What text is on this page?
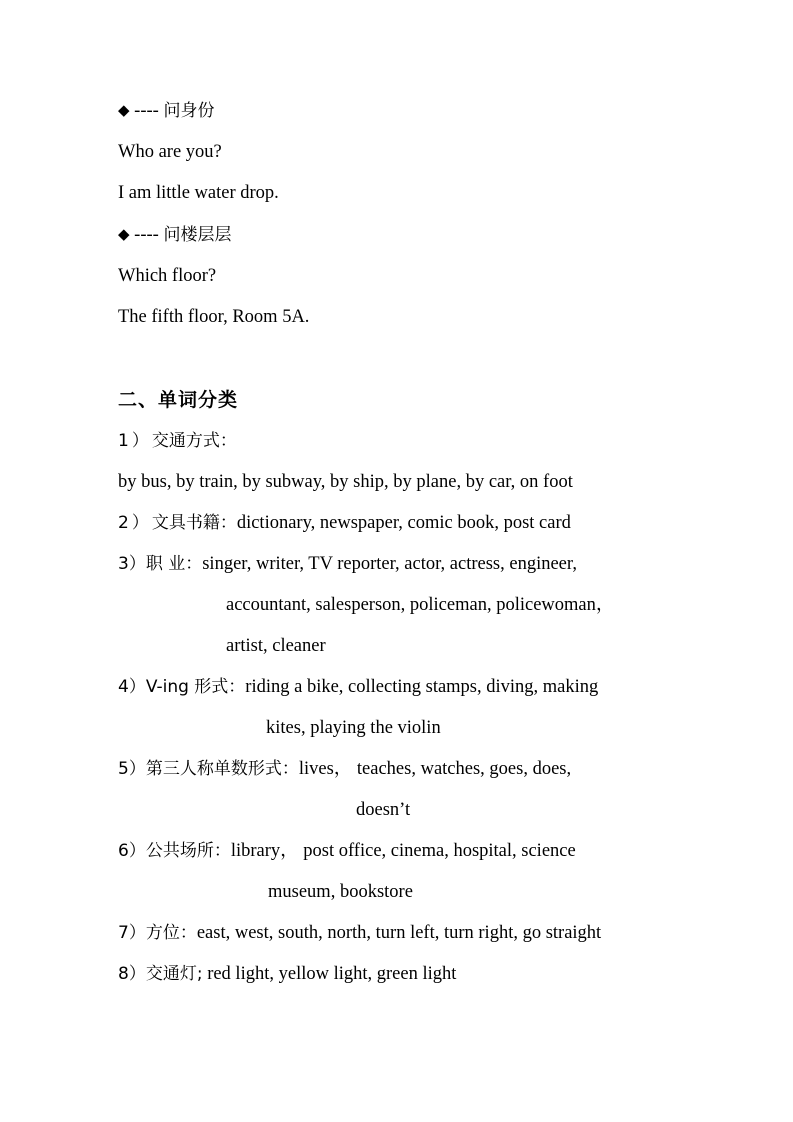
◆ ---- 问身份
Who are you?
I am little water drop.
◆ ---- 问楼层层
Which floor?
The fifth floor, Room 5A.
二、单词分类
1）交通方式：
by bus, by train, by subway, by ship, by plane, by car, on foot
2）文具书籍：dictionary, newspaper, comic book, post card
3）职 业：singer, writer, TV reporter, actor, actress, engineer,
accountant, salesperson, policeman, policewoman，
artist, cleaner
4）V-ing 形式：riding a bike, collecting stamps, diving, making
kites, playing the violin
5）第三人称单数形式：lives， teaches, watches, goes, does,
doesn’t
6）公共场所：library， post office, cinema, hospital, science
museum, bookstore
7）方位：east, west, south, north, turn left, turn right, go straight
8）交通灯; red light, yellow light, green light
